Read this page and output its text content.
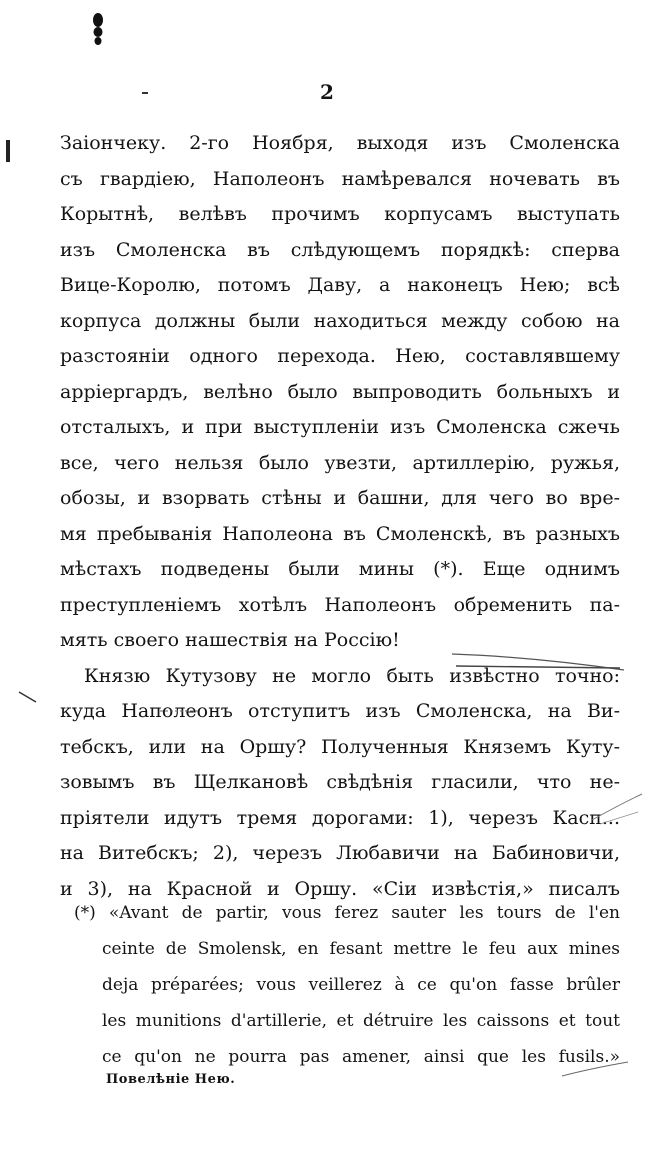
2
Заiончеку. 2-го Ноября, выходя изъ Смоленска
съ гвардiею, Наполеонъ намѣревался ночевать въ
Корытнѣ, велѣвъ прочимъ корпусамъ выступать
изъ Смоленска въ слѣдующемъ порядкѣ: сперва
Вице-Королю, потомъ Даву, а наконецъ Нею; всѣ
корпуса должны были находиться между собою на
разстоянiи одного перехода. Нею, составлявшему
аррiергардъ, велѣно было выпроводить больныхъ и
отсталыхъ, и при выступленiи изъ Смоленска сжечь
все, чего нельзя было увезти, артиллерiю, ружья,
обозы, и взорвать стѣны и башни, для чего во вре-
мя пребыванiя Наполеона въ Смоленскѣ, въ разныхъ
мѣстахъ подведены были мины (*). Еще однимъ
преступленiемъ хотѣлъ Наполеонъ обременить па-
мять своего нашествiя на Россiю!
Князю Кутузову не могло быть извѣстно точно:
куда Наполеонъ отступитъ изъ Смоленска, на Ви-
тебскъ, или на Оршу? Полученныя Княземъ Куту-
зовымъ въ Щелкановѣ свѣдѣнiя гласили, что не-
прiятели идутъ тремя дорогами: 1), черезъ Касп...
на Витебскъ; 2), черезъ Любавичи на Бабиновичи,
и 3), на Красной и Оршу. «Сiи извѣстiя,» писалъ
(*) «Avant de partir, vous ferez sauter les tours de l'en
ceinte de Smolensk, en fesant mettre le feu aux mines
deja préparées; vous veillerez à ce qu'on fasse brûler
les munitions d'artillerie, et détruire les caissons et tout
ce qu'on ne pourra pas amener, ainsi que les fusils.»
Повелѣнiе Нею.
